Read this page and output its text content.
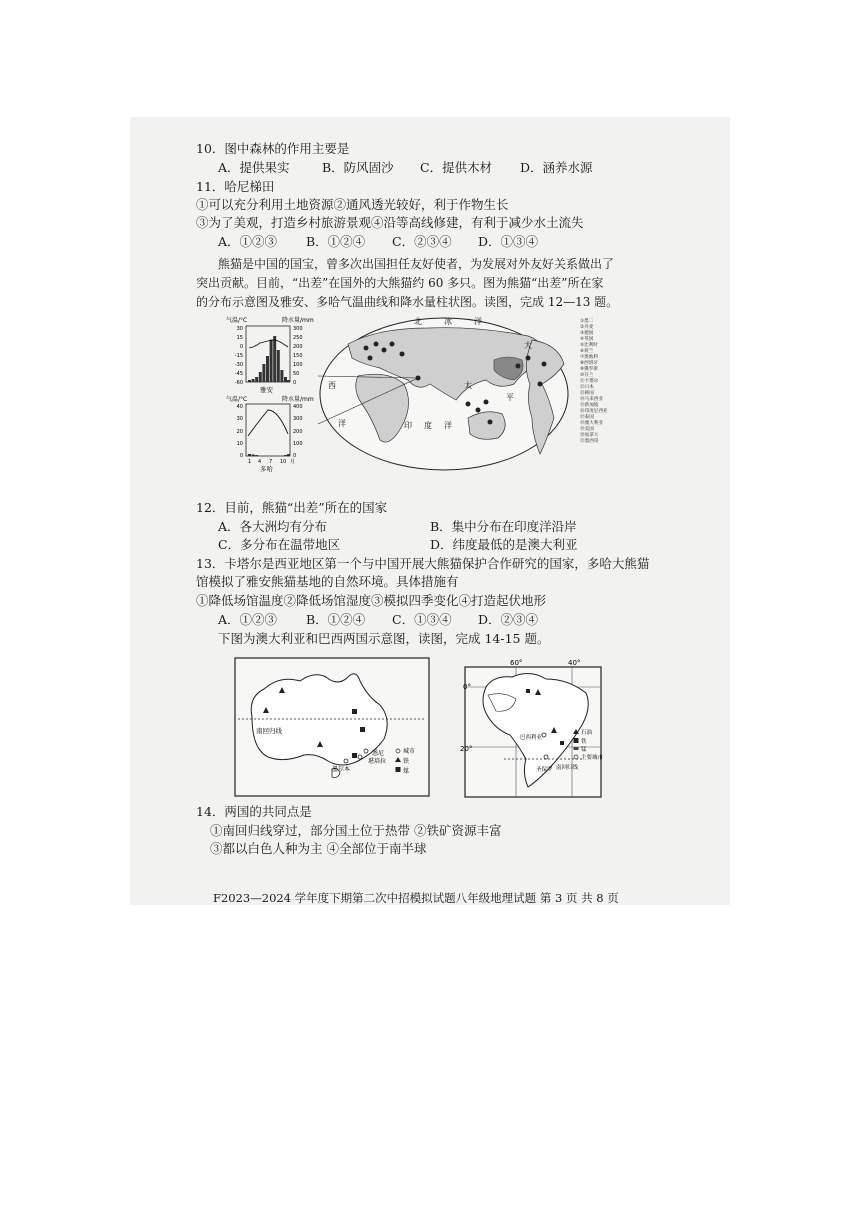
10．图中森林的作用主要是
A．提供果实	B．防风固沙 C．提供木材 D．涵养水源
11．哈尼梯田
①可以充分利用土地资源②通风透光较好，利于作物生长
③为了美观，打造乡村旅游景观④沿等高线修建，有利于减少水土流失
A．①②③ B．①②④ C．②③④ D．①③④
熊猫是中国的国宝，曾多次出国担任友好使者，为发展对外友好关系做出了
突出贡献。目前，“出差”在国外的大熊猫约 60 多只。图为熊猫“出差”所在家
的分布示意图及雅安、多哈气温曲线和降水量柱状图。读图，完成 12—13 题。
气温/°C	降水量/mm
30
15
0
-15
-30
-45
-60
300
250
200
150
100
50
0
雅安
气温/°C	降水量/mm
40
30
20
10
0
400
300
200
100
0
1 4 7 10 月
多哈
北	冰	洋
大
太
平
西
洋	印 度 洋
①墨二
②丹麦
③德国
④英国
⑤比利时
⑥荷兰
⑦奥地利
⑧西班牙
⑨俄罗斯
⑩芬兰
⑪卡塔尔
⑫日本
⑬韩国
⑭马来西亚
⑮新加坡
⑯印度尼西亚
⑰泰国
⑱澳大利亚
⑲美国
⑳加拿大
㉑墨西哥
12．目前，熊猫“出差”所在的国家
A．各大洲均有分布	B．集中分布在印度洋沿岸
C．多分布在温带地区	D．纬度最低的是澳大利亚
13．卡塔尔是西亚地区第一个与中国开展大熊猫保护合作研究的国家，多哈大熊猫
馆模拟了雅安熊猫基地的自然环境。具体措施有
①降低场馆温度②降低场馆湿度③模拟四季变化④打造起伏地形
A．①②③ B．①②④ C．①③④ D．②③④
下图为澳大利亚和巴西两国示意图，读图，完成 14-15 题。
南回归线
悉尼
墨尔本
堪培拉
城市
铁
煤
60°	40°
0°
20°
南回归线
巴西利亚
圣保罗
石油
铁
锰
主要城市
14．两国的共同点是
①南回归线穿过，部分国土位于热带 ②铁矿资源丰富
③都以白色人种为主 ④全部位于南半球
F2023—2024 学年度下期第二次中招模拟试题八年级地理试题 第 3 页 共 8 页
